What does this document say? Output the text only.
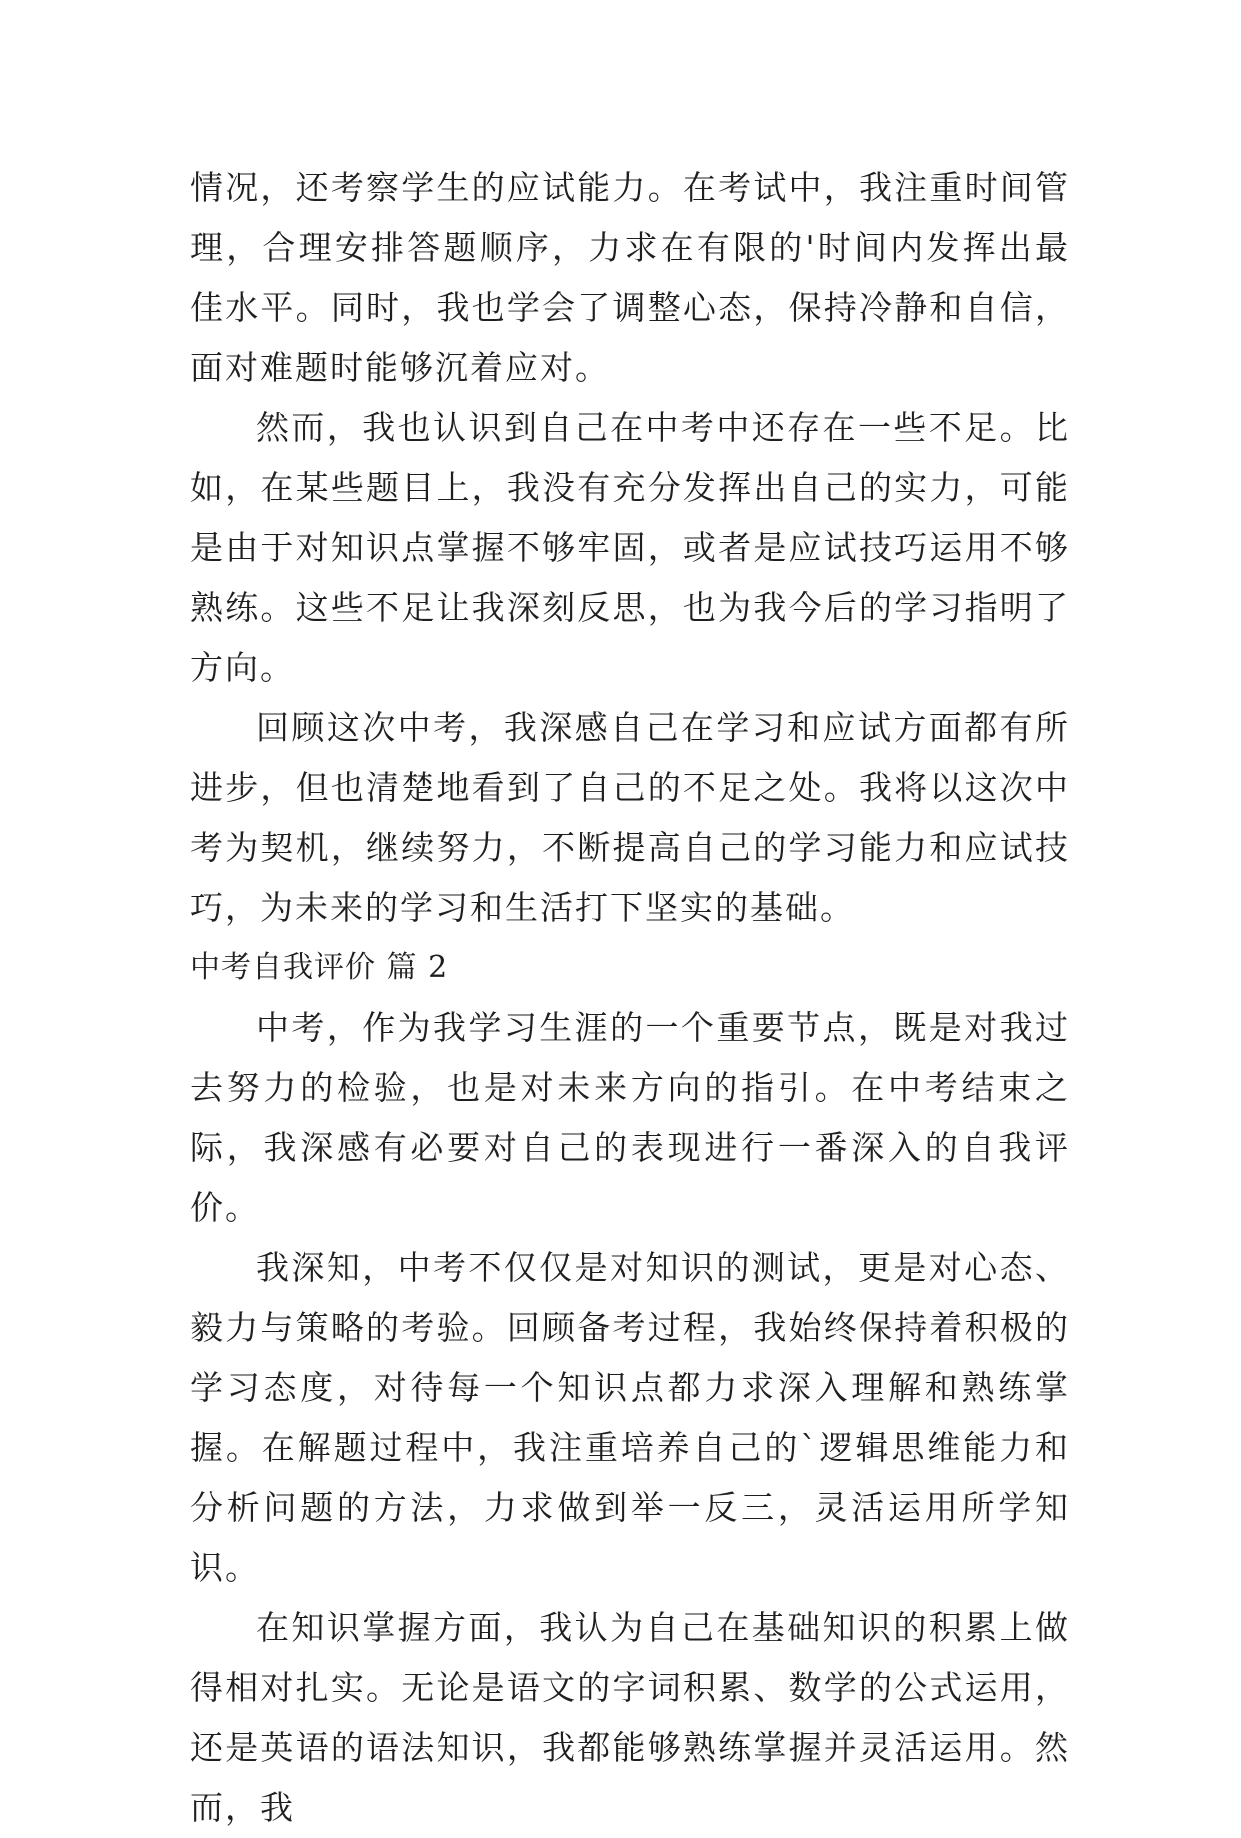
情况，还考察学生的应试能力。在考试中，我注重时间管理，合理安排答题顺序，力求在有限的'时间内发挥出最佳水平。同时，我也学会了调整心态，保持冷静和自信，面对难题时能够沉着应对。

然而，我也认识到自己在中考中还存在一些不足。比如，在某些题目上，我没有充分发挥出自己的实力，可能是由于对知识点掌握不够牢固，或者是应试技巧运用不够熟练。这些不足让我深刻反思，也为我今后的学习指明了方向。

回顾这次中考，我深感自己在学习和应试方面都有所进步，但也清楚地看到了自己的不足之处。我将以这次中考为契机，继续努力，不断提高自己的学习能力和应试技巧，为未来的学习和生活打下坚实的基础。

中考自我评价 篇 2

中考，作为我学习生涯的一个重要节点，既是对我过去努力的检验，也是对未来方向的指引。在中考结束之际，我深感有必要对自己的表现进行一番深入的自我评价。

我深知，中考不仅仅是对知识的测试，更是对心态、毅力与策略的考验。回顾备考过程，我始终保持着积极的学习态度，对待每一个知识点都力求深入理解和熟练掌握。在解题过程中，我注重培养自己的`逻辑思维能力和分析问题的方法，力求做到举一反三，灵活运用所学知识。

在知识掌握方面，我认为自己在基础知识的积累上做得相对扎实。无论是语文的字词积累、数学的公式运用，还是英语的语法知识，我都能够熟练掌握并灵活运用。然而，我
